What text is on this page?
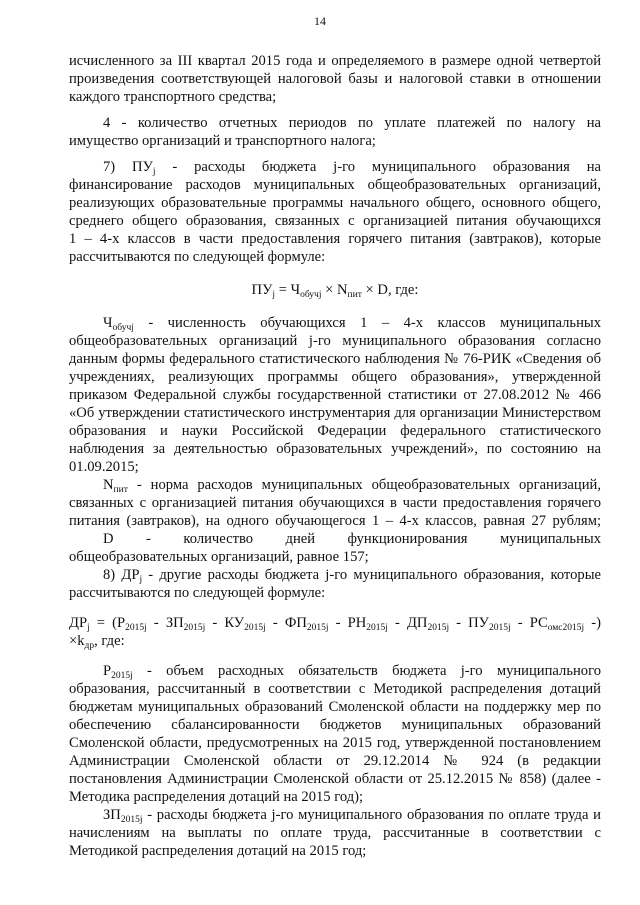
14
исчисленного за III квартал 2015 года и определяемого в размере одной четвертой
произведения соответствующей налоговой базы и налоговой ставки в отношении
каждого транспортного средства;
4 - количество отчетных периодов по уплате платежей по налогу на
имущество организаций и транспортного налога;
7) $ПУ_j$ - расходы бюджета j-го муниципального образования на
финансирование расходов муниципальных общеобразовательных организаций,
реализующих образовательные программы начального общего, основного общего,
среднего общего образования, связанных с организацией питания обучающихся
1 – 4-х классов в части предоставления горячего питания (завтраков), которые
рассчитываются по следующей формуле:
$ПУ_j = Ч_{обучj} \times N_{пит} \times D$, где:
$Ч_{обучj}$ - численность обучающихся 1 – 4-х классов муниципальных
общеобразовательных организаций j-го муниципального образования согласно
данным формы федерального статистического наблюдения № 76-РИК «Сведения об
учреждениях, реализующих программы общего образования», утвержденной
приказом Федеральной службы государственной статистики от 27.08.2012 № 466
«Об утверждении статистического инструментария для организации Министерством
образования и науки Российской Федерации федерального статистического
наблюдения за деятельностью образовательных учреждений», по состоянию на
01.09.2015;
$N_{пит}$ - норма расходов муниципальных общеобразовательных организаций,
связанных с организацией питания обучающихся в части предоставления горячего
питания (завтраков), на одного обучающегося 1 – 4-х классов, равная 27 рублям;
D - количество дней функционирования муниципальных
общеобразовательных организаций, равное 157;
8) $ДР_j$ - другие расходы бюджета j-го муниципального образования, которые
рассчитываются по следующей формуле:
$ДР_j = (Р_{2015j} - ЗП_{2015j} - КУ_{2015j} - ФП_{2015j} - РН_{2015j} - ДП_{2015j} - ПУ_{2015j} - РС_{омс2015j}$ -)
$\times k_{др}$, где:
$Р_{2015j}$ - объем расходных обязательств бюджета j-го муниципального
образования, рассчитанный в соответствии с Методикой распределения дотаций
бюджетам муниципальных образований Смоленской области на поддержку мер по
обеспечению сбалансированности бюджетов муниципальных образований
Смоленской области, предусмотренных на 2015 год, утвержденной постановлением
Администрации Смоленской области от 29.12.2014 № 924 (в редакции
постановления Администрации Смоленской области от 25.12.2015 № 858) (далее -
Методика распределения дотаций на 2015 год);
$ЗП_{2015j}$ - расходы бюджета j-го муниципального образования по оплате труда и
начислениям на выплаты по оплате труда, рассчитанные в соответствии с
Методикой распределения дотаций на 2015 год;
